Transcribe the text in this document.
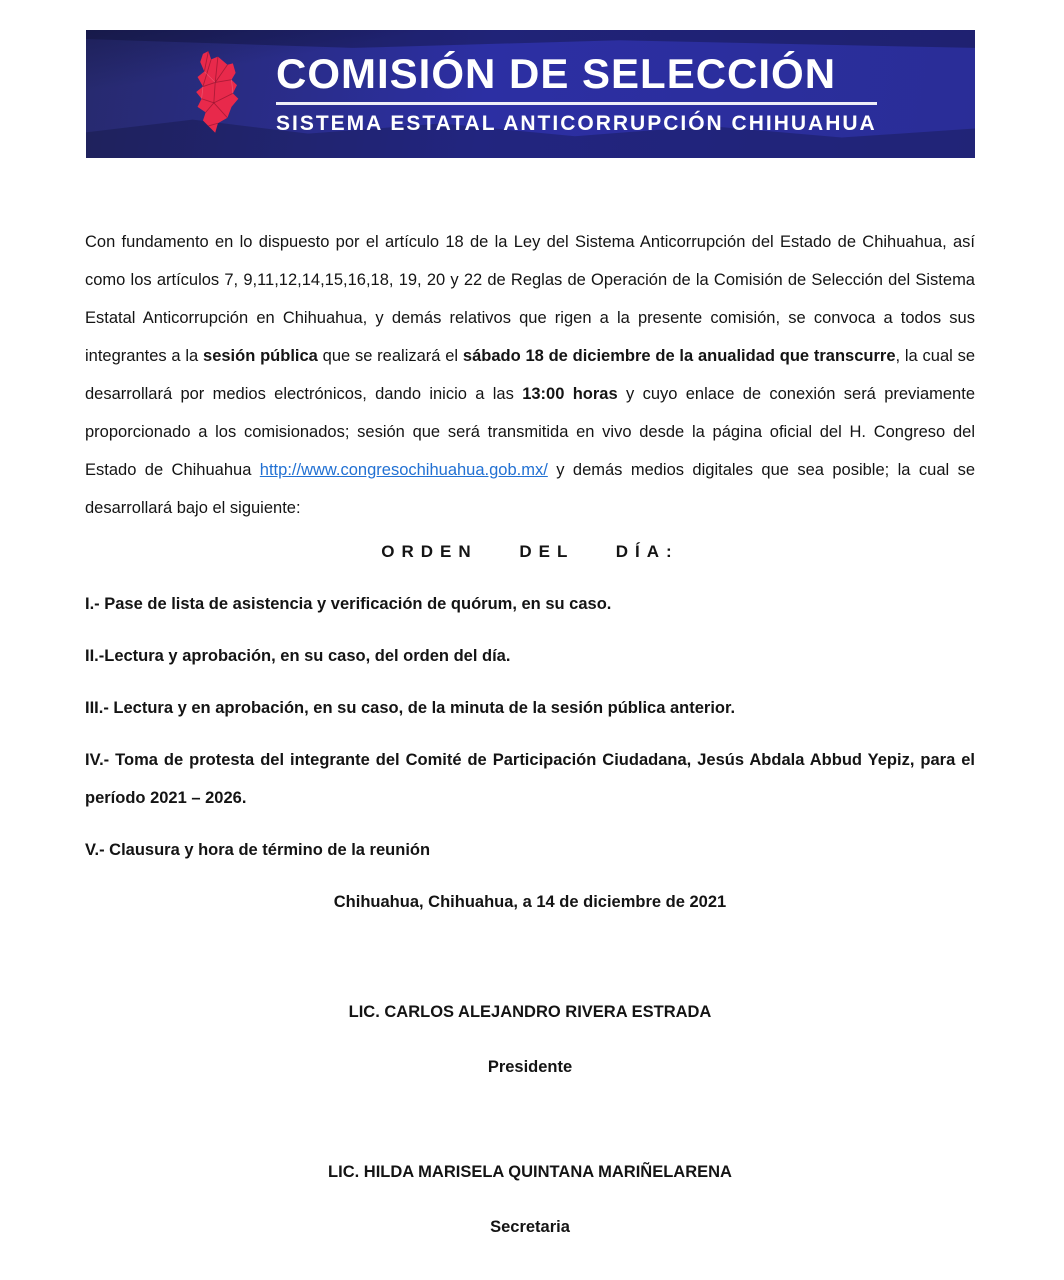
COMISIÓN DE SELECCIÓN
SISTEMA ESTATAL ANTICORRUPCIÓN CHIHUAHUA

Con fundamento en lo dispuesto por el artículo 18 de la Ley del Sistema Anticorrupción del Estado de Chihuahua, así como los artículos 7, 9,11,12,14,15,16,18, 19, 20 y 22 de Reglas de Operación de la Comisión de Selección del Sistema Estatal Anticorrupción en Chihuahua, y demás relativos que rigen a la presente comisión, se convoca a todos sus integrantes a la sesión pública que se realizará el sábado 18 de diciembre de la anualidad que transcurre, la cual se desarrollará por medios electrónicos, dando inicio a las 13:00 horas y cuyo enlace de conexión será previamente proporcionado a los comisionados; sesión que será transmitida en vivo desde la página oficial del H. Congreso del Estado de Chihuahua http://www.congresochihuahua.gob.mx/ y demás medios digitales que sea posible; la cual se desarrollará bajo el siguiente:

ORDEN DEL DÍA:
I.- Pase de lista de asistencia y verificación de quórum, en su caso.
II.-Lectura y aprobación, en su caso, del orden del día.
III.- Lectura y en aprobación, en su caso, de la minuta de la sesión pública anterior.
IV.- Toma de protesta del integrante del Comité de Participación Ciudadana, Jesús Abdala Abbud Yepiz, para el período 2021 – 2026.
V.- Clausura y hora de término de la reunión
Chihuahua, Chihuahua, a 14 de diciembre de 2021
LIC. CARLOS ALEJANDRO RIVERA ESTRADA
Presidente
LIC. HILDA MARISELA QUINTANA MARIÑELARENA
Secretaria
